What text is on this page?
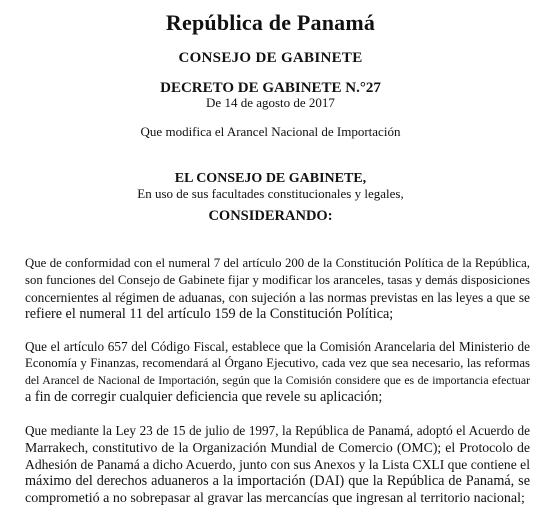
República de Panamá
CONSEJO DE GABINETE
DECRETO DE GABINETE N.°27
De 14 de agosto de 2017
Que modifica el Arancel Nacional de Importación
EL CONSEJO DE GABINETE,
En uso de sus facultades constitucionales y legales,
CONSIDERANDO:
Que de conformidad con el numeral 7 del artículo 200 de la Constitución Política de la República,
son funciones del Consejo de Gabinete fijar y modificar los aranceles, tasas y demás disposiciones
concernientes al régimen de aduanas, con sujeción a las normas previstas en las leyes a que se
refiere el numeral 11 del artículo 159 de la Constitución Política;
Que el artículo 657 del Código Fiscal, establece que la Comisión Arancelaria del Ministerio de
Economía y Finanzas, recomendará al Órgano Ejecutivo, cada vez que sea necesario, las reformas
del Arancel de Nacional de Importación, según que la Comisión considere que es de importancia efectuar
a fin de corregir cualquier deficiencia que revele su aplicación;
Que mediante la Ley 23 de 15 de julio de 1997, la República de Panamá, adoptó el Acuerdo de
Marrakech, constitutivo de la Organización Mundial de Comercio (OMC); el Protocolo de
Adhesión de Panamá a dicho Acuerdo, junto con sus Anexos y la Lista CXLI que contiene el
máximo del derechos aduaneros a la importación (DAI) que la República de Panamá, se
comprometió a no sobrepasar al gravar las mercancías que ingresan al territorio nacional;
